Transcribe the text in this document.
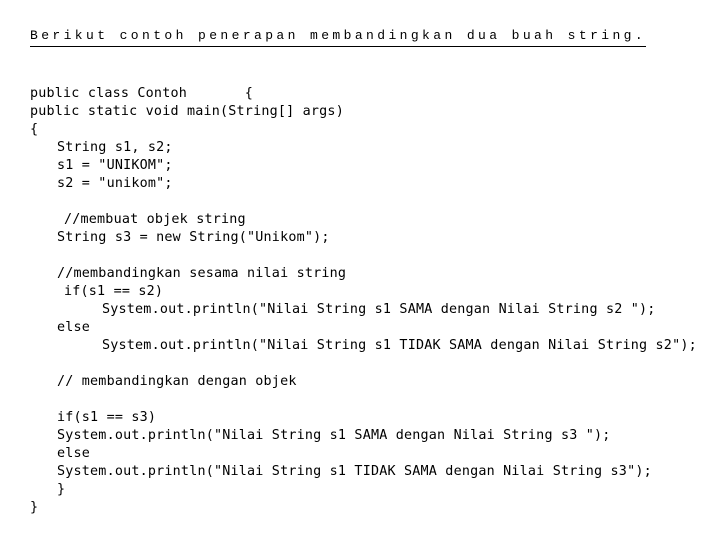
Berikut contoh penerapan membandingkan dua buah string.
public class Contoh       {
public static void main(String[] args)
{
String s1, s2;
s1 = "UNIKOM";
s2 = "unikom";
//membuat objek string
String s3 = new String("Unikom");
//membandingkan sesama nilai string
if(s1 == s2)
System.out.println("Nilai String s1 SAMA dengan Nilai String s2 ");
else
System.out.println("Nilai String s1 TIDAK SAMA dengan Nilai String s2");
// membandingkan dengan objek
if(s1 == s3)
System.out.println("Nilai String s1 SAMA dengan Nilai String s3 ");
else
System.out.println("Nilai String s1 TIDAK SAMA dengan Nilai String s3");
}
}
